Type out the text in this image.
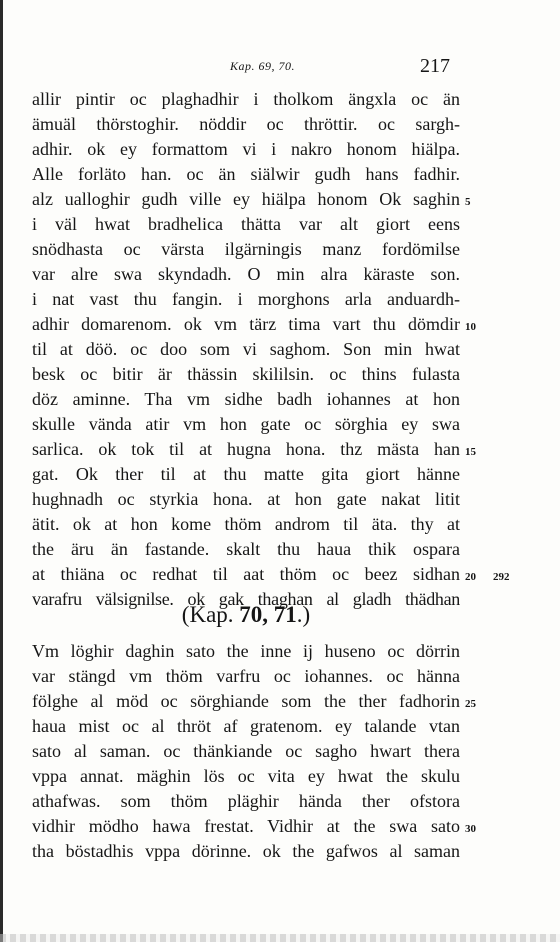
Kap. 69, 70.	217
allir pintir oc plaghadhir i tholkom ängxla oc än
ämuäl thörstoghir. nöddir oc thröttir. oc sargh-
adhir. ok ey formattom vi i nakro honom hiälpa.
Alle forläto han. oc än siälwir gudh hans fadhir.
alz ualloghir gudh ville ey hiälpa honom Ok saghin
i väl hwat bradhelica thätta var alt giort eens
snödhasta oc värsta ilgärningis manz fordömilse
var alre swa skyndadh. O min alra käraste son.
i nat vast thu fangin. i morghons arla anduardh-
adhir domarenom. ok vm tärz tima vart thu dömdir
til at döö. oc doo som vi saghom. Son min hwat
besk oc bitir är thässin skililsin. oc thins fulasta
döz aminne. Tha vm sidhe badh iohannes at hon
skulle vända atir vm hon gate oc sörghia ey swa
sarlica. ok tok til at hugna hona. thz mästa han
gat. Ok ther til at thu matte gita giort hänne
hughnadh oc styrkia hona. at hon gate nakat litit
ätit. ok at hon kome thöm androm til äta. thy at
the äru än fastande. skalt thu haua thik ospara
at thiäna oc redhat til aat thöm oc beez sidhan
varafru välsignilse. ok gak thaghan al gladh thädhan
5
10
15
20	292
(Kap. 70, 71.)
Vm löghir daghin sato the inne ij huseno oc dörrin
var stängd vm thöm varfru oc iohannes. oc hänna
fölghe al möd oc sörghiande som the ther fadhorin
haua mist oc al thröt af gratenom. ey talande vtan
sato al saman. oc thänkiande oc sagho hwart thera
vppa annat. mäghin lös oc vita ey hwat the skulu
athafwas. som thöm pläghir hända ther ofstora
vidhir mödho hawa frestat. Vidhir at the swa sato
tha böstadhis vppa dörinne. ok the gafwos al saman
25
30
